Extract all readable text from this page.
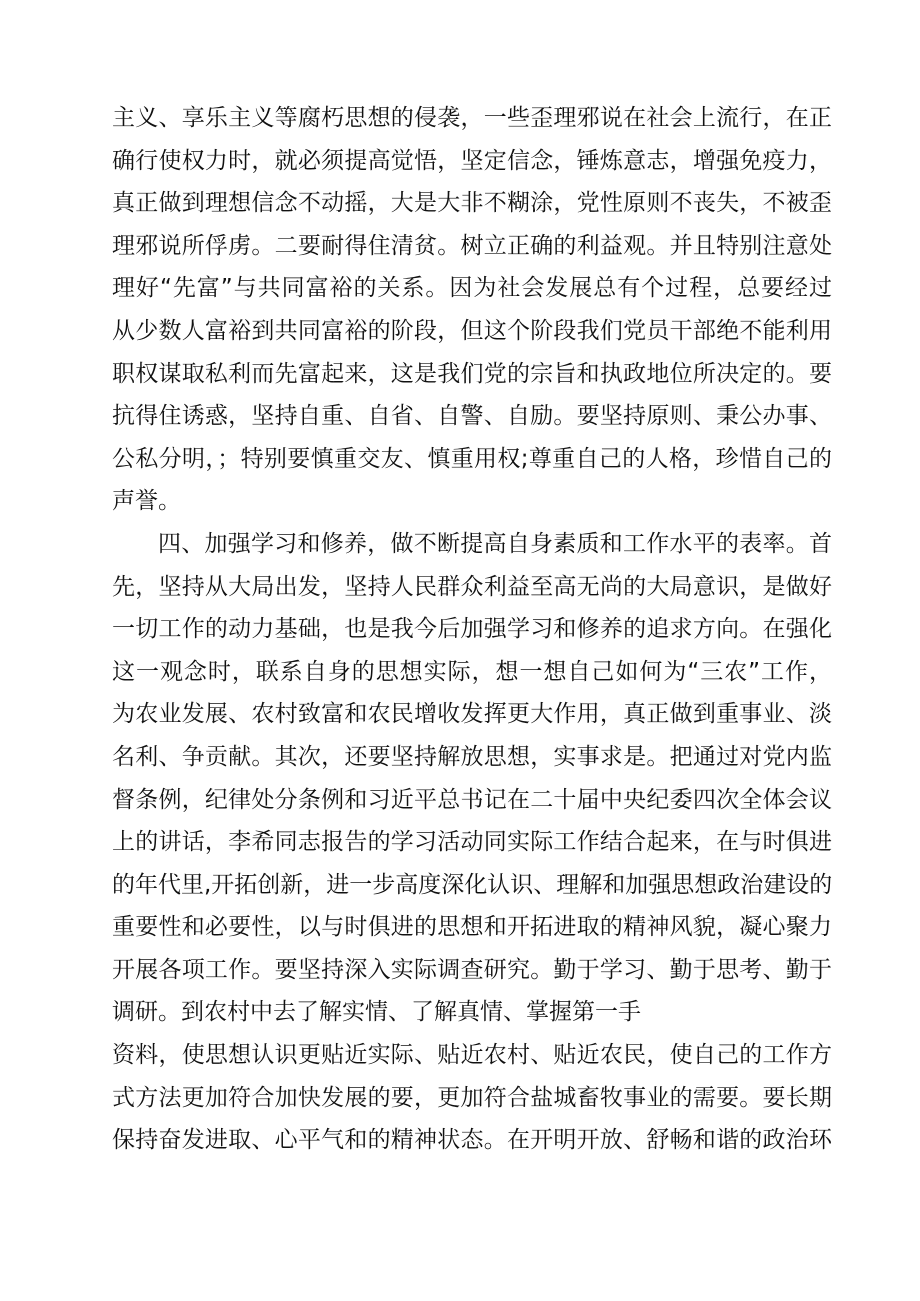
主义、享乐主义等腐朽思想的侵袭，一些歪理邪说在社会上流行，在正
确行使权力时，就必须提高觉悟，坚定信念，锤炼意志，增强免疫力，
真正做到理想信念不动摇，大是大非不糊涂，党性原则不丧失，不被歪
理邪说所俘虏。二要耐得住清贫。树立正确的利益观。并且特别注意处
理好“先富”与共同富裕的关系。因为社会发展总有个过程，总要经过
从少数人富裕到共同富裕的阶段，但这个阶段我们党员干部绝不能利用
职权谋取私利而先富起来，这是我们党的宗旨和执政地位所决定的。要
抗得住诱惑，坚持自重、自省、自警、自励。要坚持原则、秉公办事、
公私分明，；特别要慎重交友、慎重用权;尊重自己的人格，珍惜自己的
声誉。
四、加强学习和修养，做不断提高自身素质和工作水平的表率。首
先，坚持从大局出发，坚持人民群众利益至高无尚的大局意识，是做好
一切工作的动力基础，也是我今后加强学习和修养的追求方向。在强化
这一观念时，联系自身的思想实际，想一想自己如何为“三农”工作，
为农业发展、农村致富和农民增收发挥更大作用，真正做到重事业、淡
名利、争贡献。其次，还要坚持解放思想，实事求是。把通过对党内监
督条例，纪律处分条例和习近平总书记在二十届中央纪委四次全体会议
上的讲话，李希同志报告的学习活动同实际工作结合起来，在与时俱进
的年代里,开拓创新，进一步高度深化认识、理解和加强思想政治建设的
重要性和必要性，以与时俱进的思想和开拓进取的精神风貌，凝心聚力
开展各项工作。要坚持深入实际调查研究。勤于学习、勤于思考、勤于
调研。到农村中去了解实情、了解真情、掌握第一手
资料，使思想认识更贴近实际、贴近农村、贴近农民，使自己的工作方
式方法更加符合加快发展的要，更加符合盐城畜牧事业的需要。要长期
保持奋发进取、心平气和的精神状态。在开明开放、舒畅和谐的政治环
